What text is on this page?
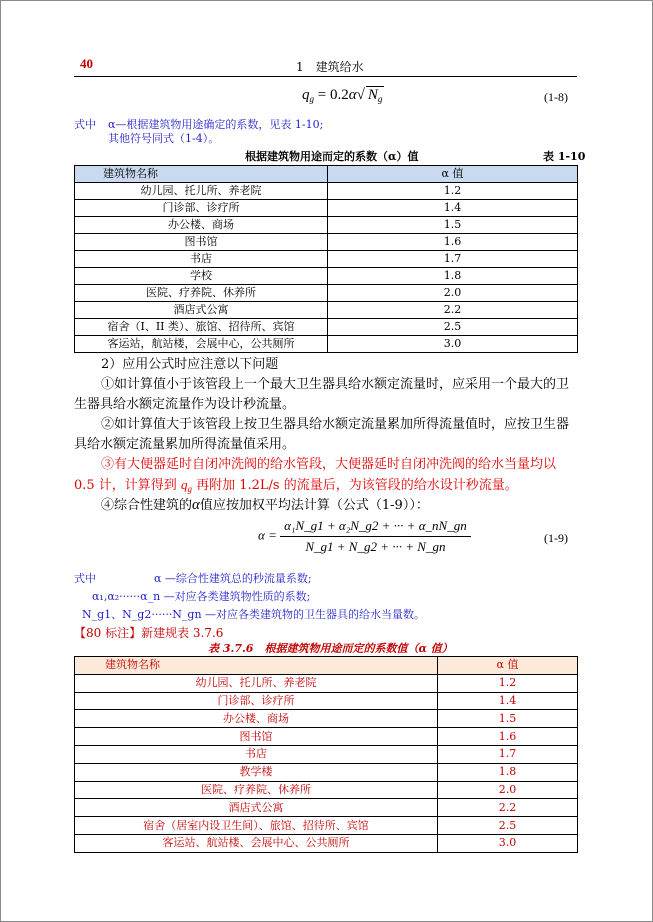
40	1　建筑给水
$q_g = 0.2\alpha√$ $N_g$	(1-8)
式中 α—根据建筑物用途确定的系数，见表 1-10;
其他符号同式（1-4）。
根据建筑物用途而定的系数（α）值	表 1-10
建筑物名称	α 值
幼儿园、托儿所、养老院	1.2
门诊部、诊疗所	1.4
办公楼、商场	1.5
图书馆	1.6
书店	1.7
学校	1.8
医院、疗养院、休养所	2.0
酒店式公寓	2.2
宿舍（I、II 类）、旅馆、招待所、宾馆	2.5
客运站，航站楼，会展中心，公共厕所	3.0
2）应用公式时应注意以下问题
①如计算值小于该管段上一个最大卫生器具给水额定流量时，应采用一个最大的卫生器具给水额定流量作为设计秒流量。
②如计算值大于该管段上按卫生器具给水额定流量累加所得流量值时，应按卫生器具给水额定流量累加所得流量值采用。
③有大便器延时自闭冲洗阀的给水管段，大便器延时自闭冲洗阀的给水当量均以 0.5 计，计算得到 $q_g$ 再附加 1.2L/s 的流量后，为该管段的给水设计秒流量。
④综合性建筑的α值应按加权平均法计算（公式（1-9））：
$\alpha = \frac{\text{α₁N\_g1 + α₂N\_g2 + ··· + α\_nN\_gn}}{N\_g1 + N\_g2 + \cdot\cdot\cdot + N\_gn}$	(1-9)
式中	α —综合性建筑总的秒流量系数;
α₁,α₂······α_n —对应各类建筑物性质的系数;
N_g1、N_g2······N_gn —对应各类建筑物的卫生器具的给水当量数。
【80 标注】新建规表 3.7.6
表 3.7.6　根据建筑物用途而定的系数值（α 值）
建筑物名称	α 值
幼儿园、托儿所、养老院	1.2
门诊部、诊疗所	1.4
办公楼、商场	1.5
图书馆	1.6
书店	1.7
教学楼	1.8
医院、疗养院、休养所	2.0
酒店式公寓	2.2
宿舍（居室内设卫生间）、旅馆、招待所、宾馆	2.5
客运站、航站楼、会展中心、公共厕所	3.0
